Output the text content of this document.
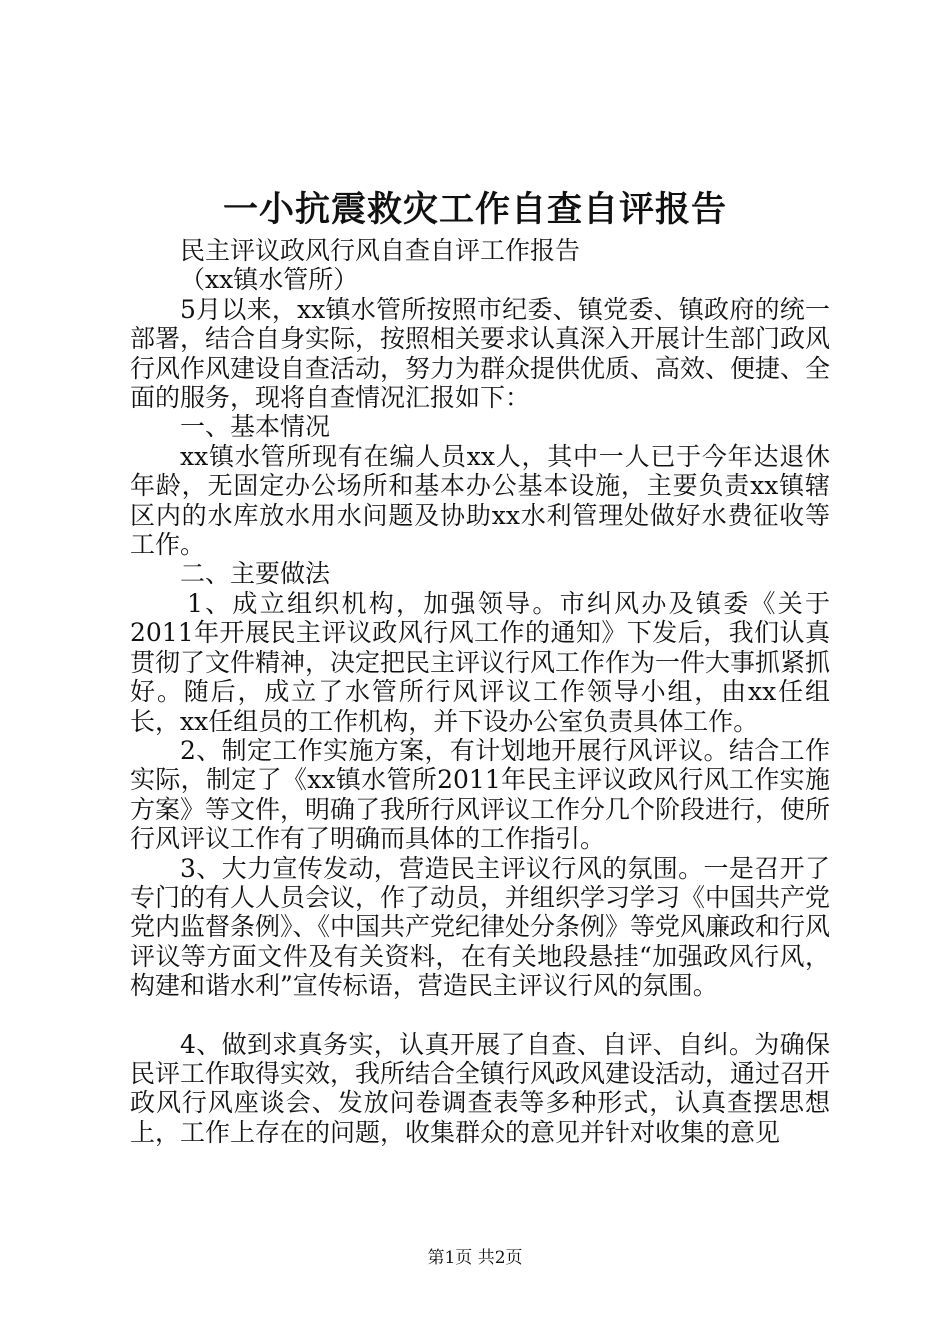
一小抗震救灾工作自查自评报告

民主评议政风行风自查自评工作报告

（xx镇水管所）

5月以来，xx镇水管所按照市纪委、镇党委、镇政府的统一部署，结合自身实际，按照相关要求认真深入开展计生部门政风行风作风建设自查活动，努力为群众提供优质、高效、便捷、全面的服务，现将自查情况汇报如下：

一、基本情况

xx镇水管所现有在编人员xx人，其中一人已于今年达退休年龄，无固定办公场所和基本办公基本设施，主要负责xx镇辖区内的水库放水用水问题及协助xx水利管理处做好水费征收等工作。

二、主要做法

1、成立组织机构，加强领导。市纠风办及镇委《关于2011年开展民主评议政风行风工作的通知》下发后，我们认真贯彻了文件精神，决定把民主评议行风工作作为一件大事抓紧抓好。随后，成立了水管所行风评议工作领导小组，由xx任组长，xx任组员的工作机构，并下设办公室负责具体工作。

2、制定工作实施方案，有计划地开展行风评议。结合工作实际，制定了《xx镇水管所2011年民主评议政风行风工作实施方案》等文件，明确了我所行风评议工作分几个阶段进行，使所行风评议工作有了明确而具体的工作指引。

3、大力宣传发动，营造民主评议行风的氛围。一是召开了专门的有人人员会议，作了动员，并组织学习学习《中国共产党党内监督条例》、《中国共产党纪律处分条例》等党风廉政和行风评议等方面文件及有关资料，在有关地段悬挂“加强政风行风，构建和谐水利”宣传标语，营造民主评议行风的氛围。

4、做到求真务实，认真开展了自查、自评、自纠。为确保民评工作取得实效，我所结合全镇行风政风建设活动，通过召开政风行风座谈会、发放问卷调查表等多种形式，认真查摆思想上，工作上存在的问题，收集群众的意见并针对收集的意见

第1页 共2页
